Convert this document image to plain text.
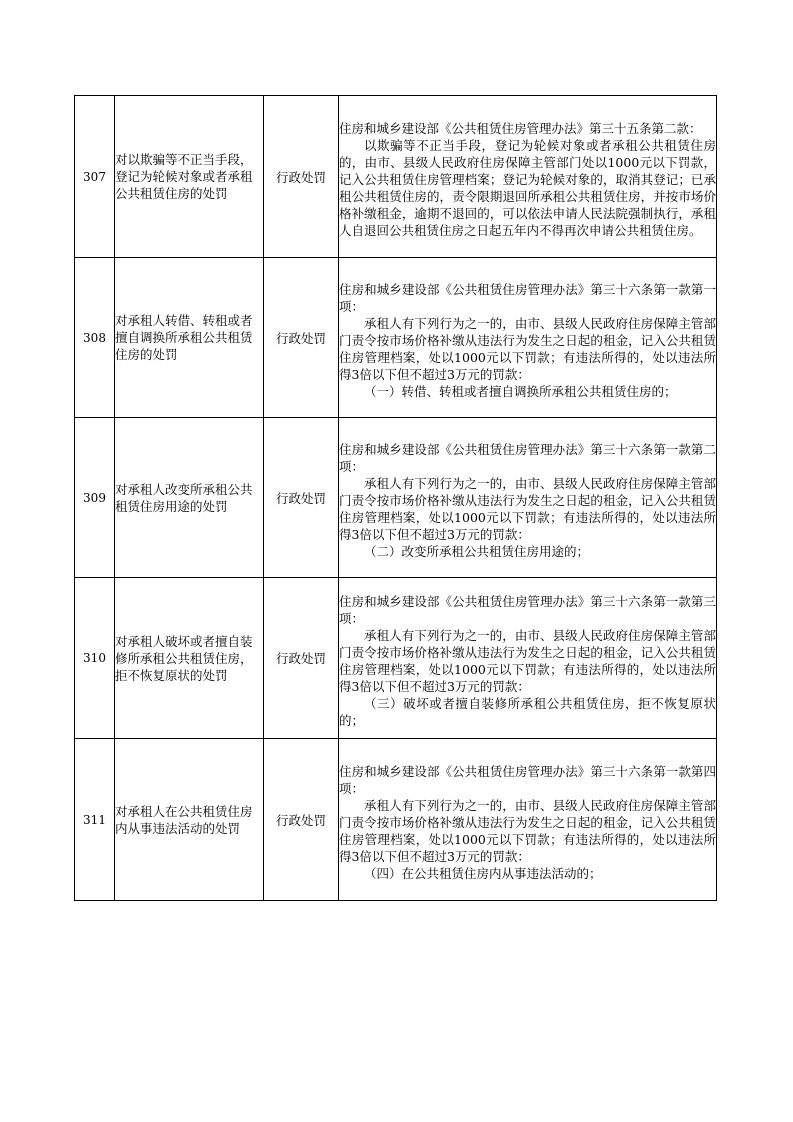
307	对以欺骗等不正当手段，登记为轮候对象或者承租公共租赁住房的处罚	行政处罚	住房和城乡建设部《公共租赁住房管理办法》第三十五条第二款：

以欺骗等不正当手段，登记为轮候对象或者承租公共租赁住房的，由市、县级人民政府住房保障主管部门处以1000元以下罚款，记入公共租赁住房管理档案；登记为轮候对象的，取消其登记；已承租公共租赁住房的，责令限期退回所承租公共租赁住房，并按市场价格补缴租金，逾期不退回的，可以依法申请人民法院强制执行，承租人自退回公共租赁住房之日起五年内不得再次申请公共租赁住房。

308	对承租人转借、转租或者擅自调换所承租公共租赁住房的处罚	行政处罚	住房和城乡建设部《公共租赁住房管理办法》第三十六条第一款第一项：

承租人有下列行为之一的，由市、县级人民政府住房保障主管部门责令按市场价格补缴从违法行为发生之日起的租金，记入公共租赁住房管理档案，处以1000元以下罚款；有违法所得的，处以违法所得3倍以下但不超过3万元的罚款：

（一）转借、转租或者擅自调换所承租公共租赁住房的；

309	对承租人改变所承租公共租赁住房用途的处罚	行政处罚	住房和城乡建设部《公共租赁住房管理办法》第三十六条第一款第二项：

承租人有下列行为之一的，由市、县级人民政府住房保障主管部门责令按市场价格补缴从违法行为发生之日起的租金，记入公共租赁住房管理档案，处以1000元以下罚款；有违法所得的，处以违法所得3倍以下但不超过3万元的罚款：

（二）改变所承租公共租赁住房用途的；

310	对承租人破坏或者擅自装修所承租公共租赁住房，拒不恢复原状的处罚	行政处罚	住房和城乡建设部《公共租赁住房管理办法》第三十六条第一款第三项：

承租人有下列行为之一的，由市、县级人民政府住房保障主管部门责令按市场价格补缴从违法行为发生之日起的租金，记入公共租赁住房管理档案，处以1000元以下罚款；有违法所得的，处以违法所得3倍以下但不超过3万元的罚款：

（三）破坏或者擅自装修所承租公共租赁住房，拒不恢复原状的；

311	对承租人在公共租赁住房内从事违法活动的处罚	行政处罚	住房和城乡建设部《公共租赁住房管理办法》第三十六条第一款第四项：

承租人有下列行为之一的，由市、县级人民政府住房保障主管部门责令按市场价格补缴从违法行为发生之日起的租金，记入公共租赁住房管理档案，处以1000元以下罚款；有违法所得的，处以违法所得3倍以下但不超过3万元的罚款：

（四）在公共租赁住房内从事违法活动的；
